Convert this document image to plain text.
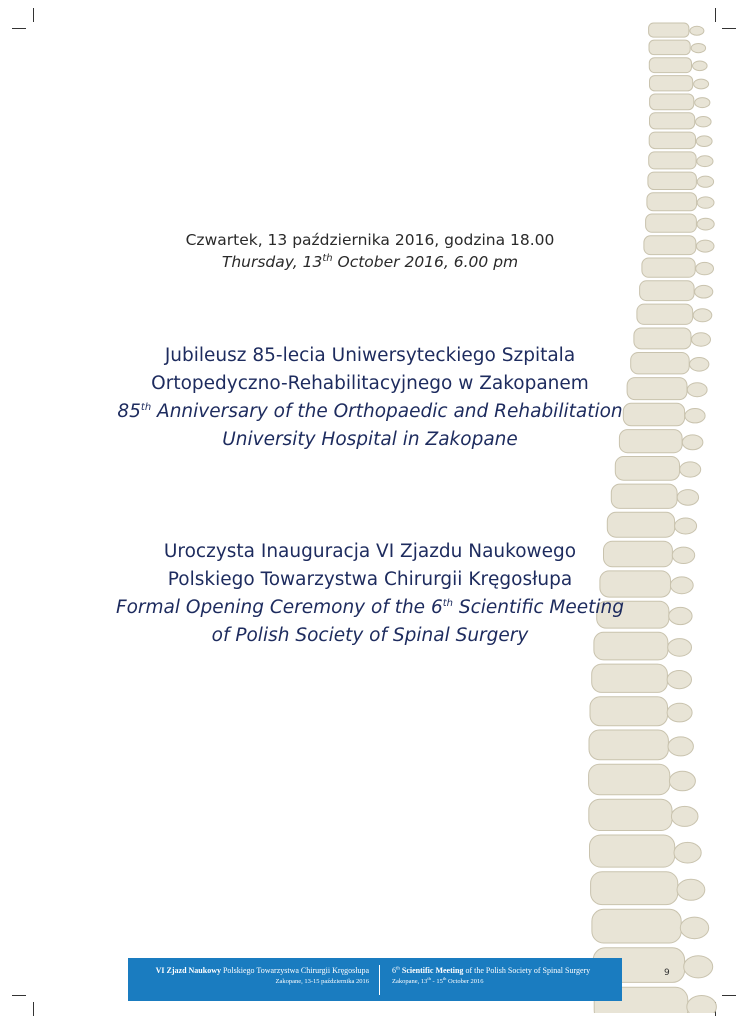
Czwartek, 13 października 2016, godzina 18.00
Thursday, 13th October 2016, 6.00 pm
Jubileusz 85-lecia Uniwersyteckiego Szpitala
Ortopedyczno-Rehabilitacyjnego w Zakopanem
85th Anniversary of the Orthopaedic and Rehabilitation
University Hospital in Zakopane
Uroczysta Inauguracja VI Zjazdu Naukowego
Polskiego Towarzystwa Chirurgii Kręgosłupa
Formal Opening Ceremony of the 6th Scientific Meeting
of Polish Society of Spinal Surgery
VI Zjazd Naukowy Polskiego Towarzystwa Chirurgii Kręgosłupa
Zakopane, 13-15 października 2016
6th Scientific Meeting of the Polish Society of Spinal Surgery
Zakopane, 13th - 15th October 2016
9
